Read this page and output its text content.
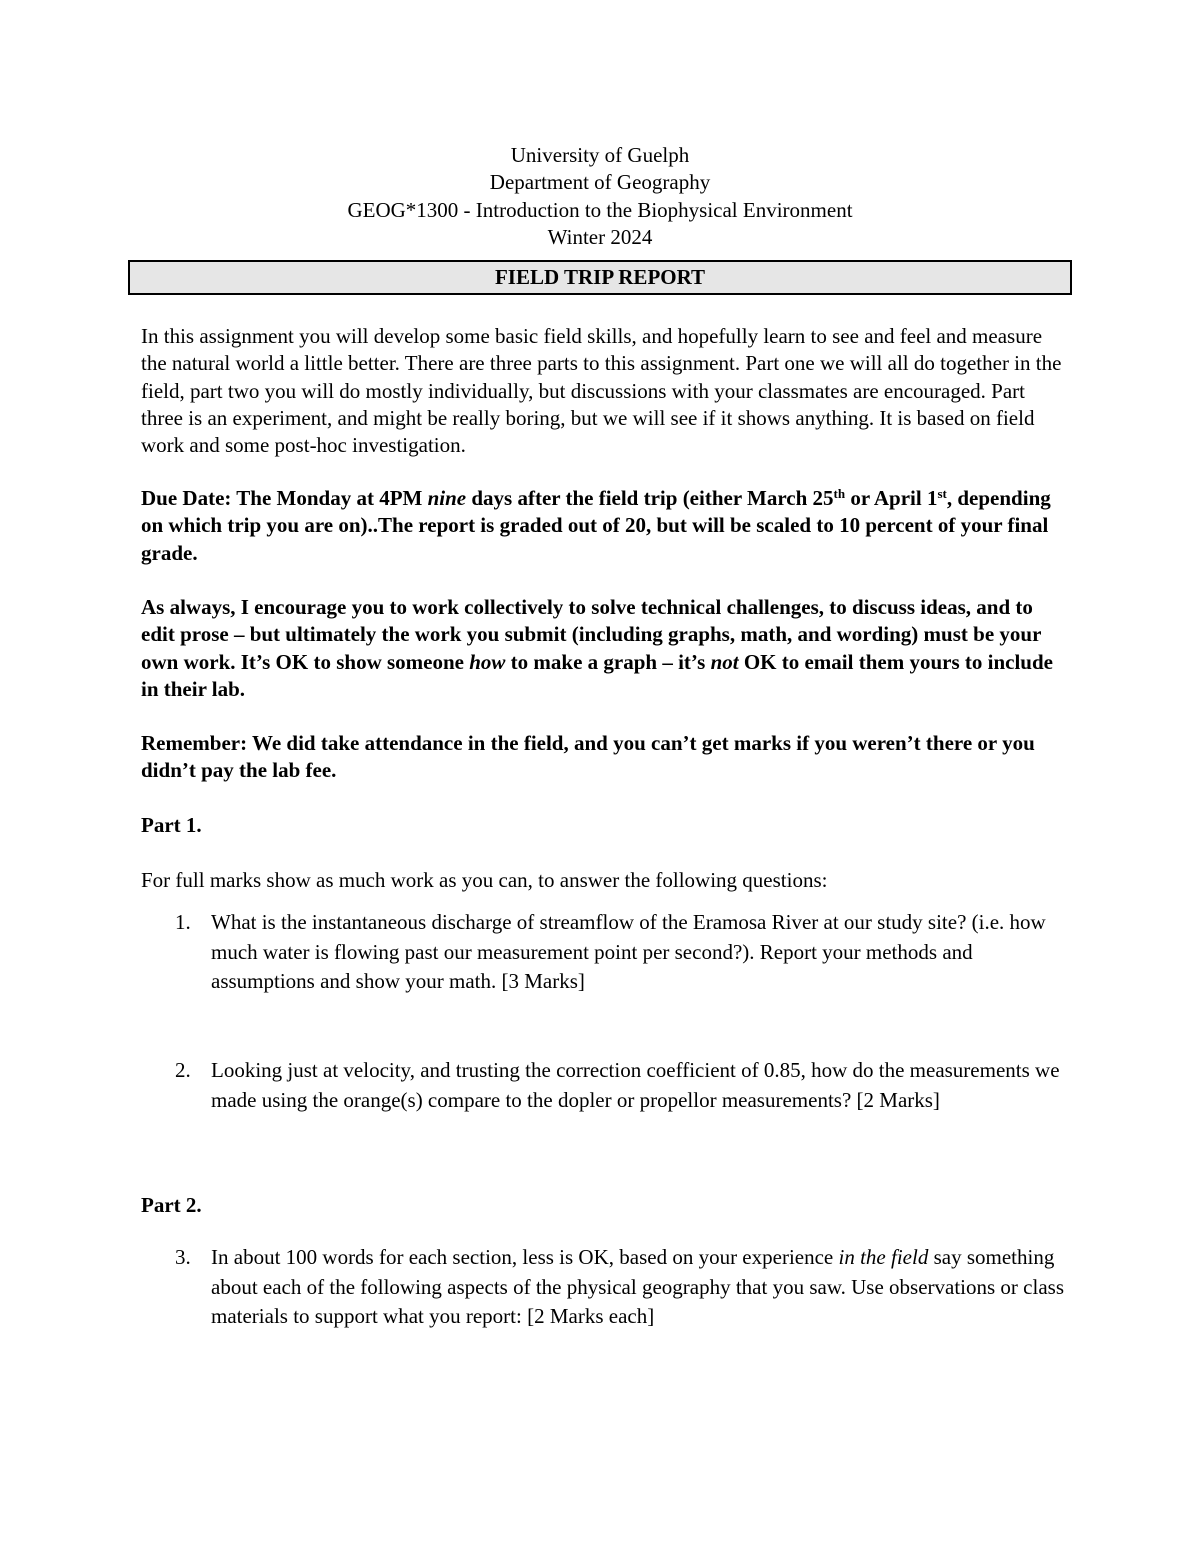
University of Guelph
Department of Geography
GEOG*1300 - Introduction to the Biophysical Environment
Winter 2024
FIELD TRIP REPORT

In this assignment you will develop some basic field skills, and hopefully learn to see and feel and measure the natural world a little better. There are three parts to this assignment. Part one we will all do together in the field, part two you will do mostly individually, but discussions with your classmates are encouraged. Part three is an experiment, and might be really boring, but we will see if it shows anything. It is based on field work and some post-hoc investigation.

Due Date: The Monday at 4PM nine days after the field trip (either March 25th or April 1st, depending on which trip you are on)..The report is graded out of 20, but will be scaled to 10 percent of your final grade.

As always, I encourage you to work collectively to solve technical challenges, to discuss ideas, and to edit prose – but ultimately the work you submit (including graphs, math, and wording) must be your own work. It’s OK to show someone how to make a graph – it’s not OK to email them yours to include in their lab.

Remember: We did take attendance in the field, and you can’t get marks if you weren’t there or you didn’t pay the lab fee.

Part 1.

For full marks show as much work as you can, to answer the following questions:

1. What is the instantaneous discharge of streamflow of the Eramosa River at our study site? (i.e. how much water is flowing past our measurement point per second?). Report your methods and assumptions and show your math. [3 Marks]
2. Looking just at velocity, and trusting the correction coefficient of 0.85, how do the measurements we made using the orange(s) compare to the dopler or propellor measurements? [2 Marks]

Part 2.

3. In about 100 words for each section, less is OK, based on your experience in the field say something about each of the following aspects of the physical geography that you saw. Use observations or class materials to support what you report: [2 Marks each]
